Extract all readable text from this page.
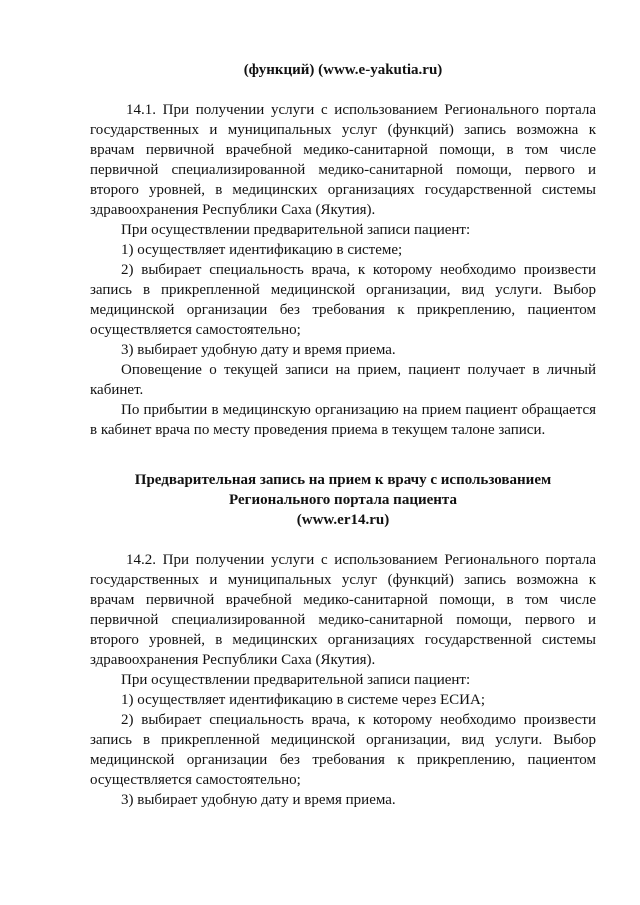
(функций) (www.e-yakutia.ru)

14.1. При получении услуги с использованием Регионального портала государственных и муниципальных услуг (функций) запись возможна к врачам первичной врачебной медико-санитарной помощи, в том числе первичной специализированной медико-санитарной помощи, первого и второго уровней, в медицинских организациях государственной системы здравоохранения Республики Саха (Якутия).

При осуществлении предварительной записи пациент:

1) осуществляет идентификацию в системе;

2) выбирает специальность врача, к которому необходимо произвести запись в прикрепленной медицинской организации, вид услуги. Выбор медицинской организации без требования к прикреплению, пациентом осуществляется самостоятельно;

3) выбирает удобную дату и время приема.

Оповещение о текущей записи на прием, пациент получает в личный кабинет.

По прибытии в медицинскую организацию на прием пациент обращается в кабинет врача по месту проведения приема в текущем талоне записи.

Предварительная запись на прием к врачу с использованием
Регионального портала пациента
(www.er14.ru)

14.2. При получении услуги с использованием Регионального портала государственных и муниципальных услуг (функций) запись возможна к врачам первичной врачебной медико-санитарной помощи, в том числе первичной специализированной медико-санитарной помощи, первого и второго уровней, в медицинских организациях государственной системы здравоохранения Республики Саха (Якутия).

При осуществлении предварительной записи пациент:

1) осуществляет идентификацию в системе через ЕСИА;

2) выбирает специальность врача, к которому необходимо произвести запись в прикрепленной медицинской организации, вид услуги. Выбор медицинской организации без требования к прикреплению, пациентом осуществляется самостоятельно;

3) выбирает удобную дату и время приема.
